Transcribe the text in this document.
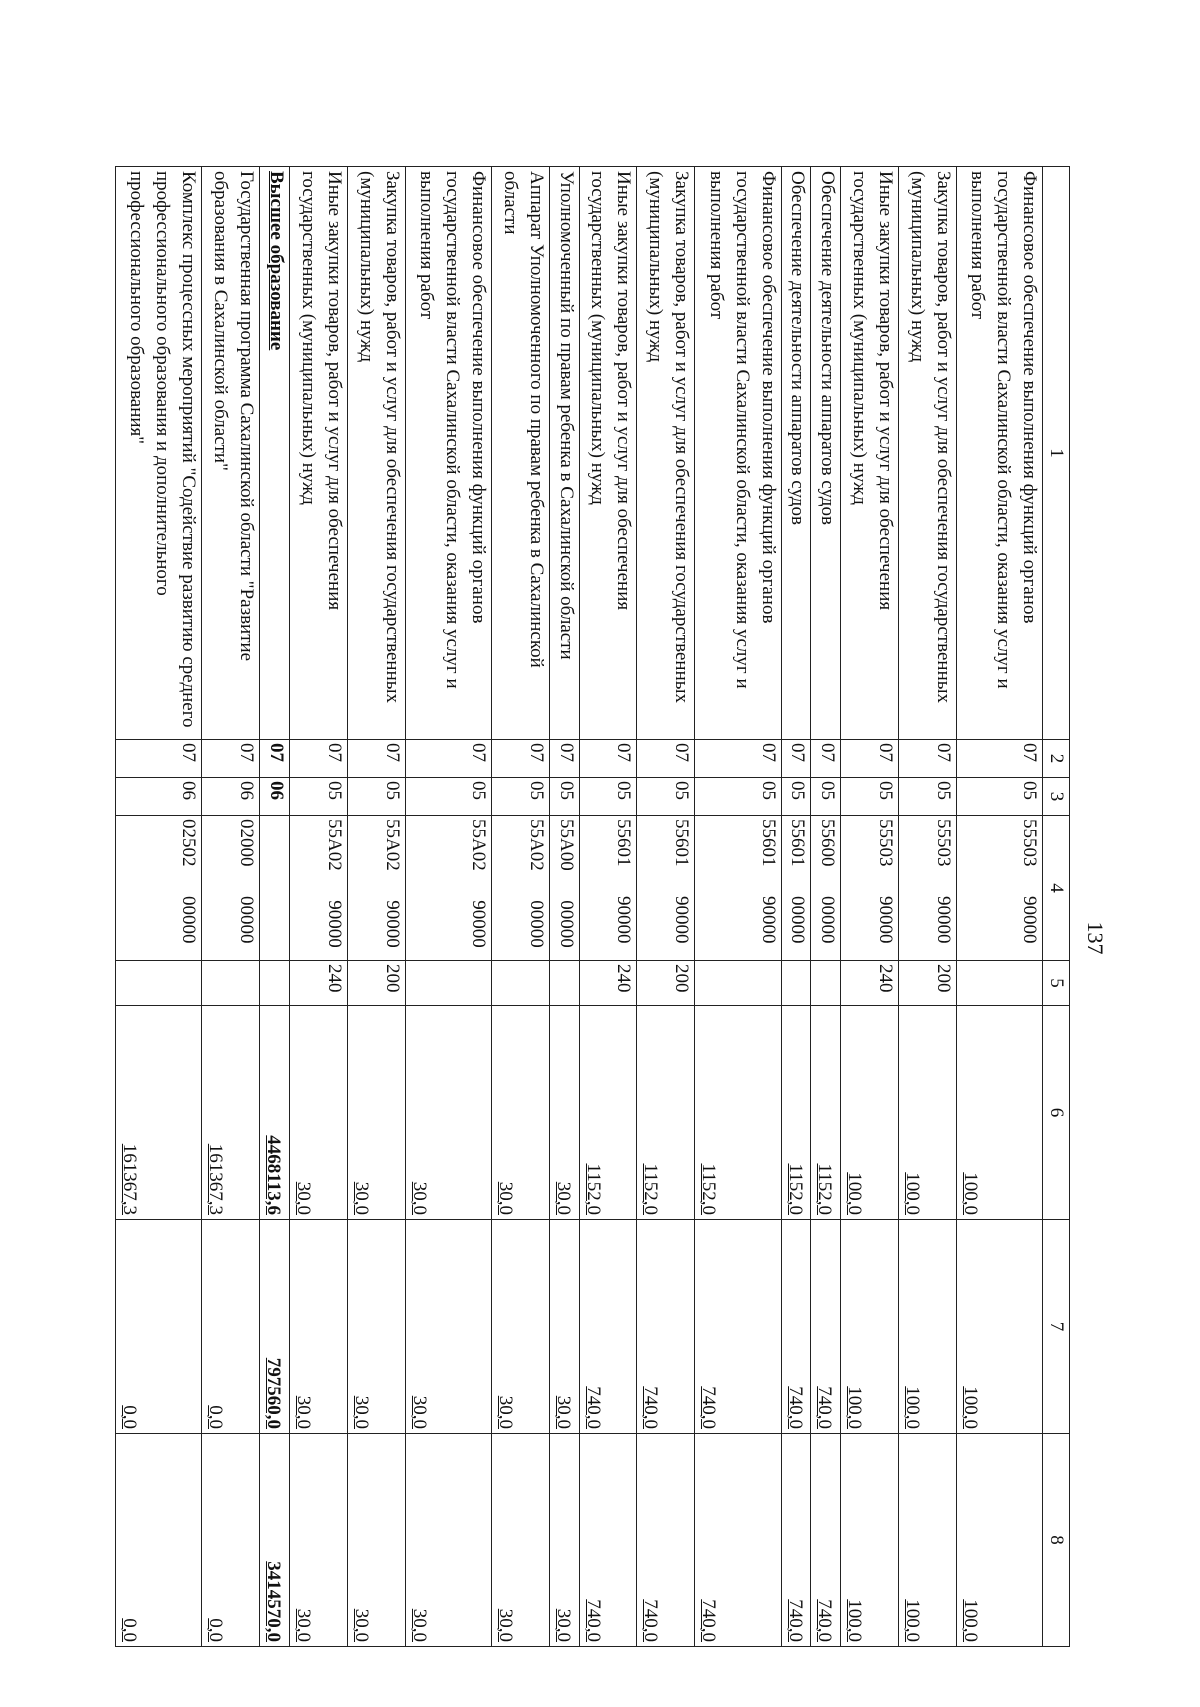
137
1	2	3	4	5	6	7	8
Финансовое обеспечение выполнения функций органов государственной власти Сахалинской области, оказания услуг и выполнения работ	07	05	55503  90000		100,0	100,0	100,0
Закупка товаров, работ и услуг для обеспечения государственных (муниципальных) нужд	07	05	55503  90000	200	100,0	100,0	100,0
Иные закупки товаров, работ и услуг для обеспечения государственных (муниципальных) нужд	07	05	55503  90000	240	100,0	100,0	100,0
Обеспечение деятельности аппаратов судов	07	05	55600  00000		1152,0	740,0	740,0
Обеспечение деятельности аппаратов судов	07	05	55601  00000		1152,0	740,0	740,0
Финансовое обеспечение выполнения функций органов государственной власти Сахалинской области, оказания услуг и выполнения работ	07	05	55601  90000		1152,0	740,0	740,0
Закупка товаров, работ и услуг для обеспечения государственных (муниципальных) нужд	07	05	55601  90000	200	1152,0	740,0	740,0
Иные закупки товаров, работ и услуг для обеспечения государственных (муниципальных) нужд	07	05	55601  90000	240	1152,0	740,0	740,0
Уполномоченный по правам ребенка в Сахалинской области	07	05	55А00  00000		30,0	30,0	30,0
Аппарат Уполномоченного по правам ребенка в Сахалинской области	07	05	55А02  00000		30,0	30,0	30,0
Финансовое обеспечение выполнения функций органов государственной власти Сахалинской области, оказания услуг и выполнения работ	07	05	55А02  90000		30,0	30,0	30,0
Закупка товаров, работ и услуг для обеспечения государственных (муниципальных) нужд	07	05	55А02  90000	200	30,0	30,0	30,0
Иные закупки товаров, работ и услуг для обеспечения государственных (муниципальных) нужд	07	05	55А02  90000	240	30,0	30,0	30,0
Высшее образование	07	06			4468113,6	797560,0	3414570,0
Государственная программа Сахалинской области "Развитие образования в Сахалинской области"	07	06	02000  00000		161367,3	0,0	0,0
Комплекс процессных мероприятий "Содействие развитию среднего профессионального образования и дополнительного профессионального образования"	07	06	02502  00000		161367,3	0,0	0,0
